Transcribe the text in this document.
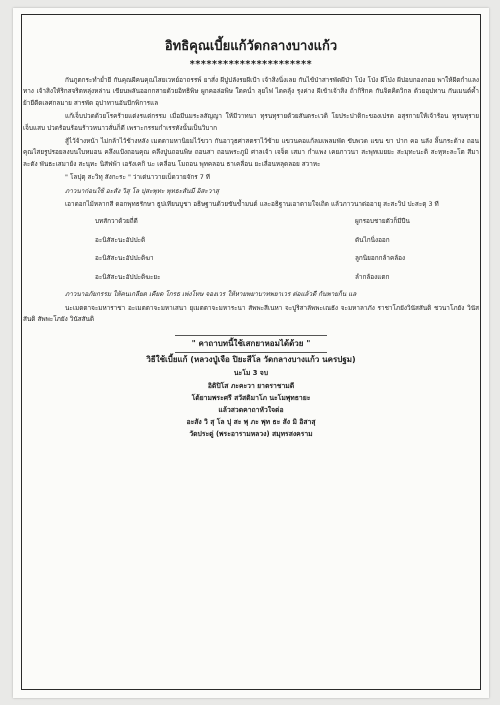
อิทธิคุณเบี้ยแก้วัดกลางบางแก้ว
**********************

กันภูตกระทำย่ำยี กันคุณผีคนคุณไสยเวทย์อาถรรพ์ ยาสั่ง ผีปูปลังรยผีเป้า เจ้าสิงนิ่งเลย กันไข้ป่าสารพัดผีป่า โป่ง โป่ง ผีโป่ง ผีปอบกองกอย พาให้ผีตกำแลงทาง เจ้าสิงให้ริกสจริตหลุ่งหล่าน เขียนพลันออกกสายด้วยอิทธิพิษ ผูกคอล่อพิษ ใดคน่ำ ลุยไฟ ไดคลุ้ง รุงค่าง ผีเข้าเจ้าสิง ถ้ากิริกค กันจิตคิดวิกล ด้วยอุปทาน กันเมนต์ค้ำ ย้ายืดืดเลศกลมาย สารพัด อุปาทานอันบีกพิการแล

แก้เจ็บปวดด้วยโรคร้ายแต่งรแต่กรรม เมื่อมีนมระลสัญญา ให้มีวาทนา ทุรนทุรายด้วยสันตระเวติ โยประปาติกะของเปรต อสุรกายให้เจ้าร้อน ทุรนทุราย เจ็บแสบ ปวดร้อนร้อนร้าวหนาวสั่นก็ดี เพราะกรรมกำเรรทังนั้นเป็นวิบาก

สู้ไว้จ้างหน้า ไม่กล้าไว้ช้างหลัง เมตตามหานิยมไว้ขวา กันอาวุธศาสตราไว้ซ้าย แขวนคอแก้ลมเพลมพัด ขับพวด แขน ขา ปาก คอ นลัง ลิ้นกระด้าง ถอนคุณไสยรูปรอยลงบนใบหมอน คลึงแป้งถอนคุณ คลึงปูนถอนพิษ ถอนสา ถอนพระภูมิ ศาลเจ้า เจจ็ด เสมา กำแพง เคยภาวนา สะพุทเมยยะ สะมุทะนะติ สะหุหะละโต สีมาละตัง พันธะเสมาย้ง สะนุทะ นิสัฟพ้า เอรังเคกิ นะ เคลื่อน โมถอน พุทคลอน ธาเคลื่อน ยะเลื่อนหลุดลอย สวาหะ

" โลปุตุ สะวิทุ สังกะระ " ว่าเต่นาวายเบ็ดวายจักร 7 ที

ภาวนาก่อนใช้ อะสัง วิสุ โล ปุสะพุทะ พุทธะสันมี อิสะวาสุ

เอาดอกไม้หลากสี ดอกพุทธรักษา ธูปเทียนบูชา อธิษฐานด้วยขันข้ำมนต์ และอธิฐานเอาตามใจเถิด แล้วภาวนาต่ออายุ สะสะวิป ปะสะตุ 3 ที

บทสักวาด้วยถี่ดี	ผูกรอบชายตัวก็มีปืน
อะนิสัสะนะอัปปะติ	ดันไกนิ่งออก
อะนิสัสะนะอัปปะติฆา	ลูกนิยอกกล้าคล้อง
อะนิสัสะนะอัปปะติฆะยะ	ลำกล้องแตก

ภาวนาอภัยกรรม ให้คนเกลียด เคียด โกรธ เพ่งโทษ จองเวร ให้หายพยาบาทพยาเวร ต่อแล้วดี กันพายก็น แล

นะเมตตาจะมหาราชา อะเมตตาจะมหาเสนา ยุเมตตาจะมหาระนา สัพพะสีเนหา จะปูริสาลัพพะเณธัง จะมหาลาภัง ราชาโภยังวินัสสันติ ชวนาโภยัง วินัสสันติ สัพพะโภยัง วินัสสันติ

" คาถาบทนี้ใช้เสกยาหอมได้ด้วย "
วิธีใช้เบี้ยแก้ (หลวงปู่เจือ ปิยะสีโล วัดกลางบางแก้ว นครปฐม)
นะโม 3 จบ
อิติปิโส ภะคะวา ยาตราชามดี
โต้ยามพระศรี สวัสติมาโภ นะโมพุทธายะ
แล้วสวดคาถาหัวใจต่อ
อะสัง วิ สุ โล ปุ สะ พุ ภะ พุท ธะ สัง มิ อิสาสุ
วัดประดู่ (พระอารามหลวง) สมุทรสงคราม
